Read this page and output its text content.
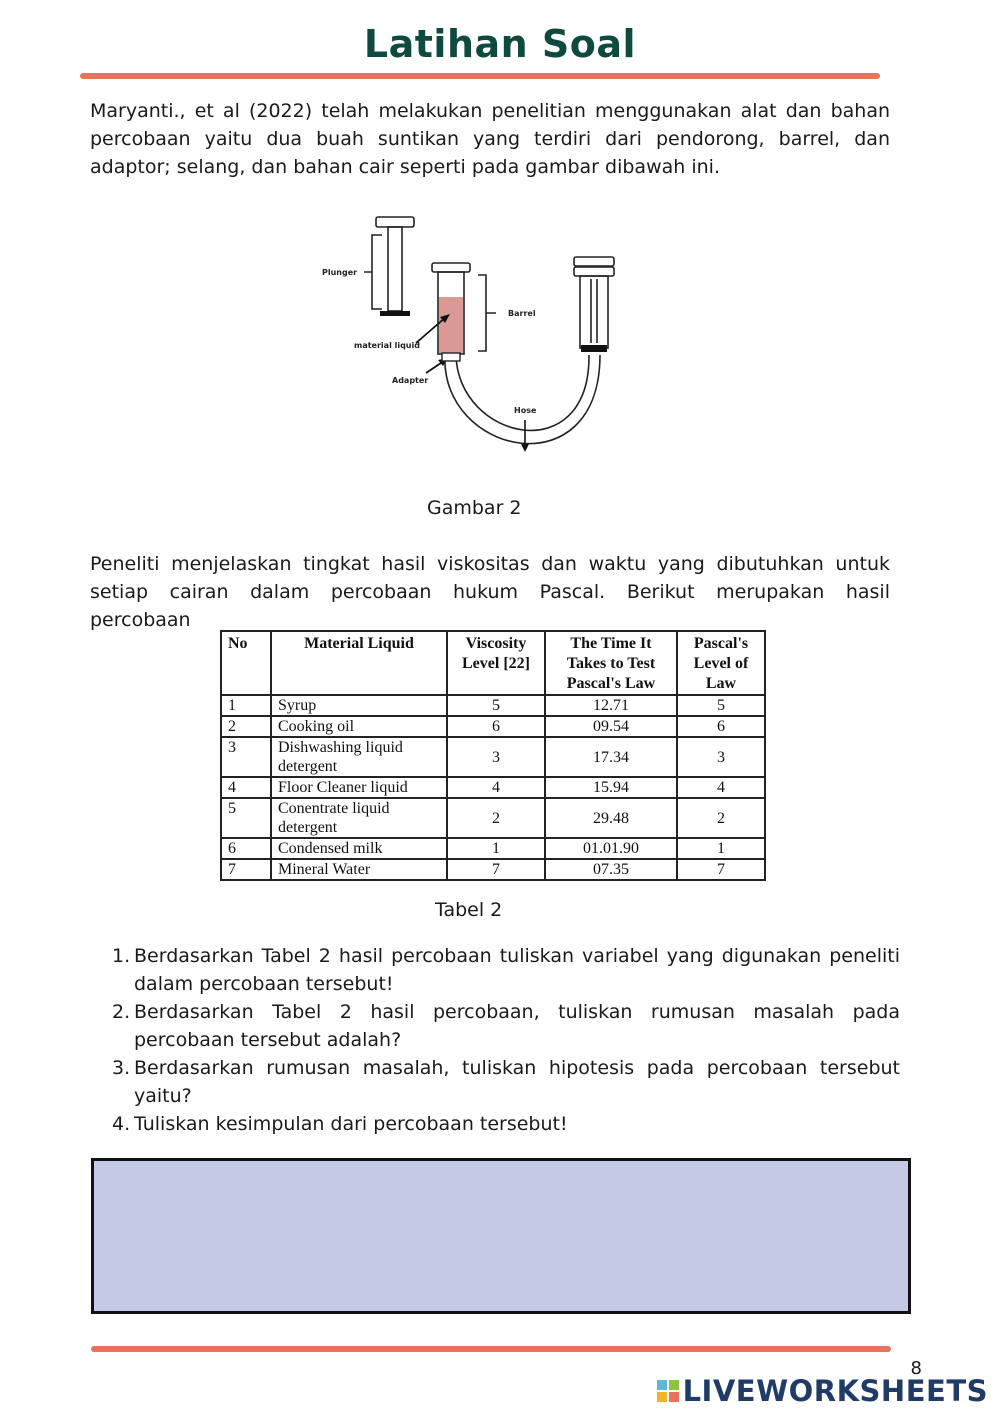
Latihan Soal
Maryanti., et al (2022) telah melakukan penelitian menggunakan alat dan bahan
percobaan yaitu dua buah suntikan yang terdiri dari pendorong, barrel, dan
adaptor; selang, dan bahan cair seperti pada gambar dibawah ini.
Plunger
Barrel
material liquid
Adapter
Hose
Gambar 2
Peneliti menjelaskan tingkat hasil viskositas dan waktu yang dibutuhkan untuk
setiap cairan dalam percobaan hukum Pascal. Berikut merupakan hasil
percobaan
No	Material Liquid	Viscosity Level [22]	The Time It Takes to Test Pascal's Law	Pascal's Level of Law
1	Syrup	5	12.71	5
2	Cooking oil	6	09.54	6
3	Dishwashing liquid detergent	3	17.34	3
4	Floor Cleaner liquid	4	15.94	4
5	Conentrate liquid detergent	2	29.48	2
6	Condensed milk	1	01.01.90	1
7	Mineral Water	7	07.35	7
Tabel 2
1. Berdasarkan Tabel 2 hasil percobaan tuliskan variabel yang digunakan peneliti dalam percobaan tersebut!
2. Berdasarkan Tabel 2 hasil percobaan, tuliskan rumusan masalah pada percobaan tersebut adalah?
3. Berdasarkan rumusan masalah, tuliskan hipotesis pada percobaan tersebut yaitu?
4. Tuliskan kesimpulan dari percobaan tersebut!
8
LIVEWORKSHEETS
